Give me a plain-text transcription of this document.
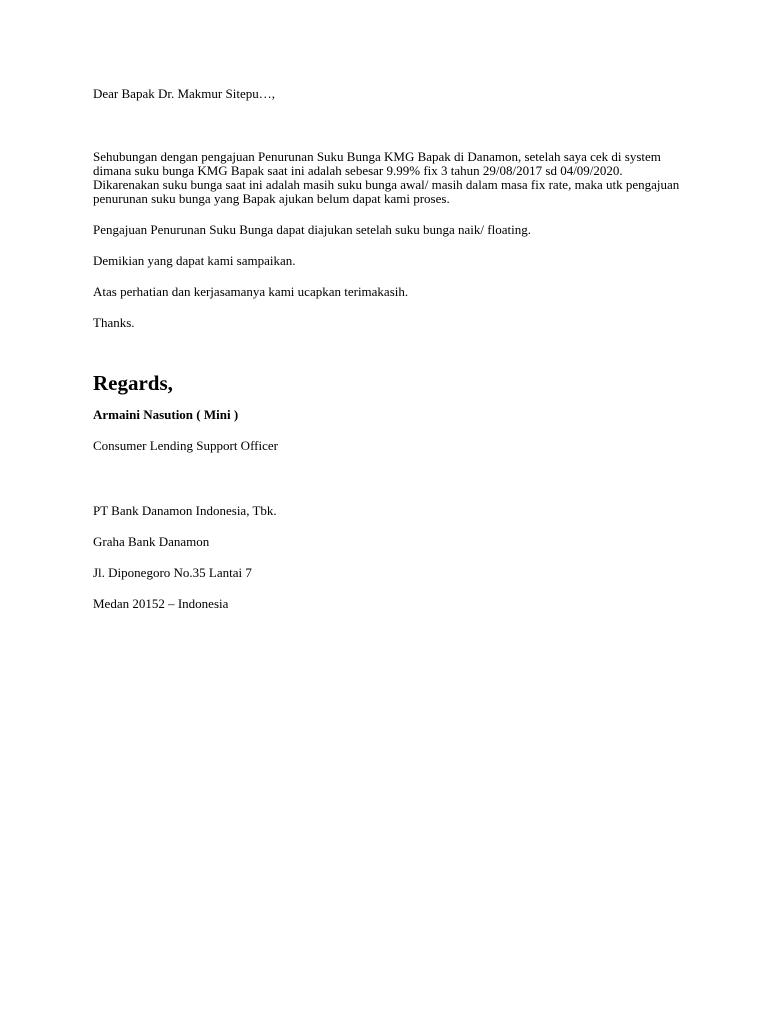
Dear Bapak Dr. Makmur Sitepu…,

Sehubungan dengan pengajuan Penurunan Suku Bunga KMG Bapak di Danamon, setelah saya cek di system dimana suku bunga KMG Bapak saat ini adalah sebesar 9.99% fix 3 tahun 29/08/2017 sd 04/09/2020. Dikarenakan suku bunga saat ini adalah masih suku bunga awal/ masih dalam masa fix rate, maka utk pengajuan penurunan suku bunga yang Bapak ajukan belum dapat kami proses.

Pengajuan Penurunan Suku Bunga dapat diajukan setelah suku bunga naik/ floating.

Demikian yang dapat kami sampaikan.

Atas perhatian dan kerjasamanya kami ucapkan terimakasih.

Thanks.

Regards,

Armaini Nasution ( Mini )

Consumer Lending Support Officer

PT Bank Danamon Indonesia, Tbk.

Graha Bank Danamon

Jl. Diponegoro No.35 Lantai 7

Medan 20152 – Indonesia
